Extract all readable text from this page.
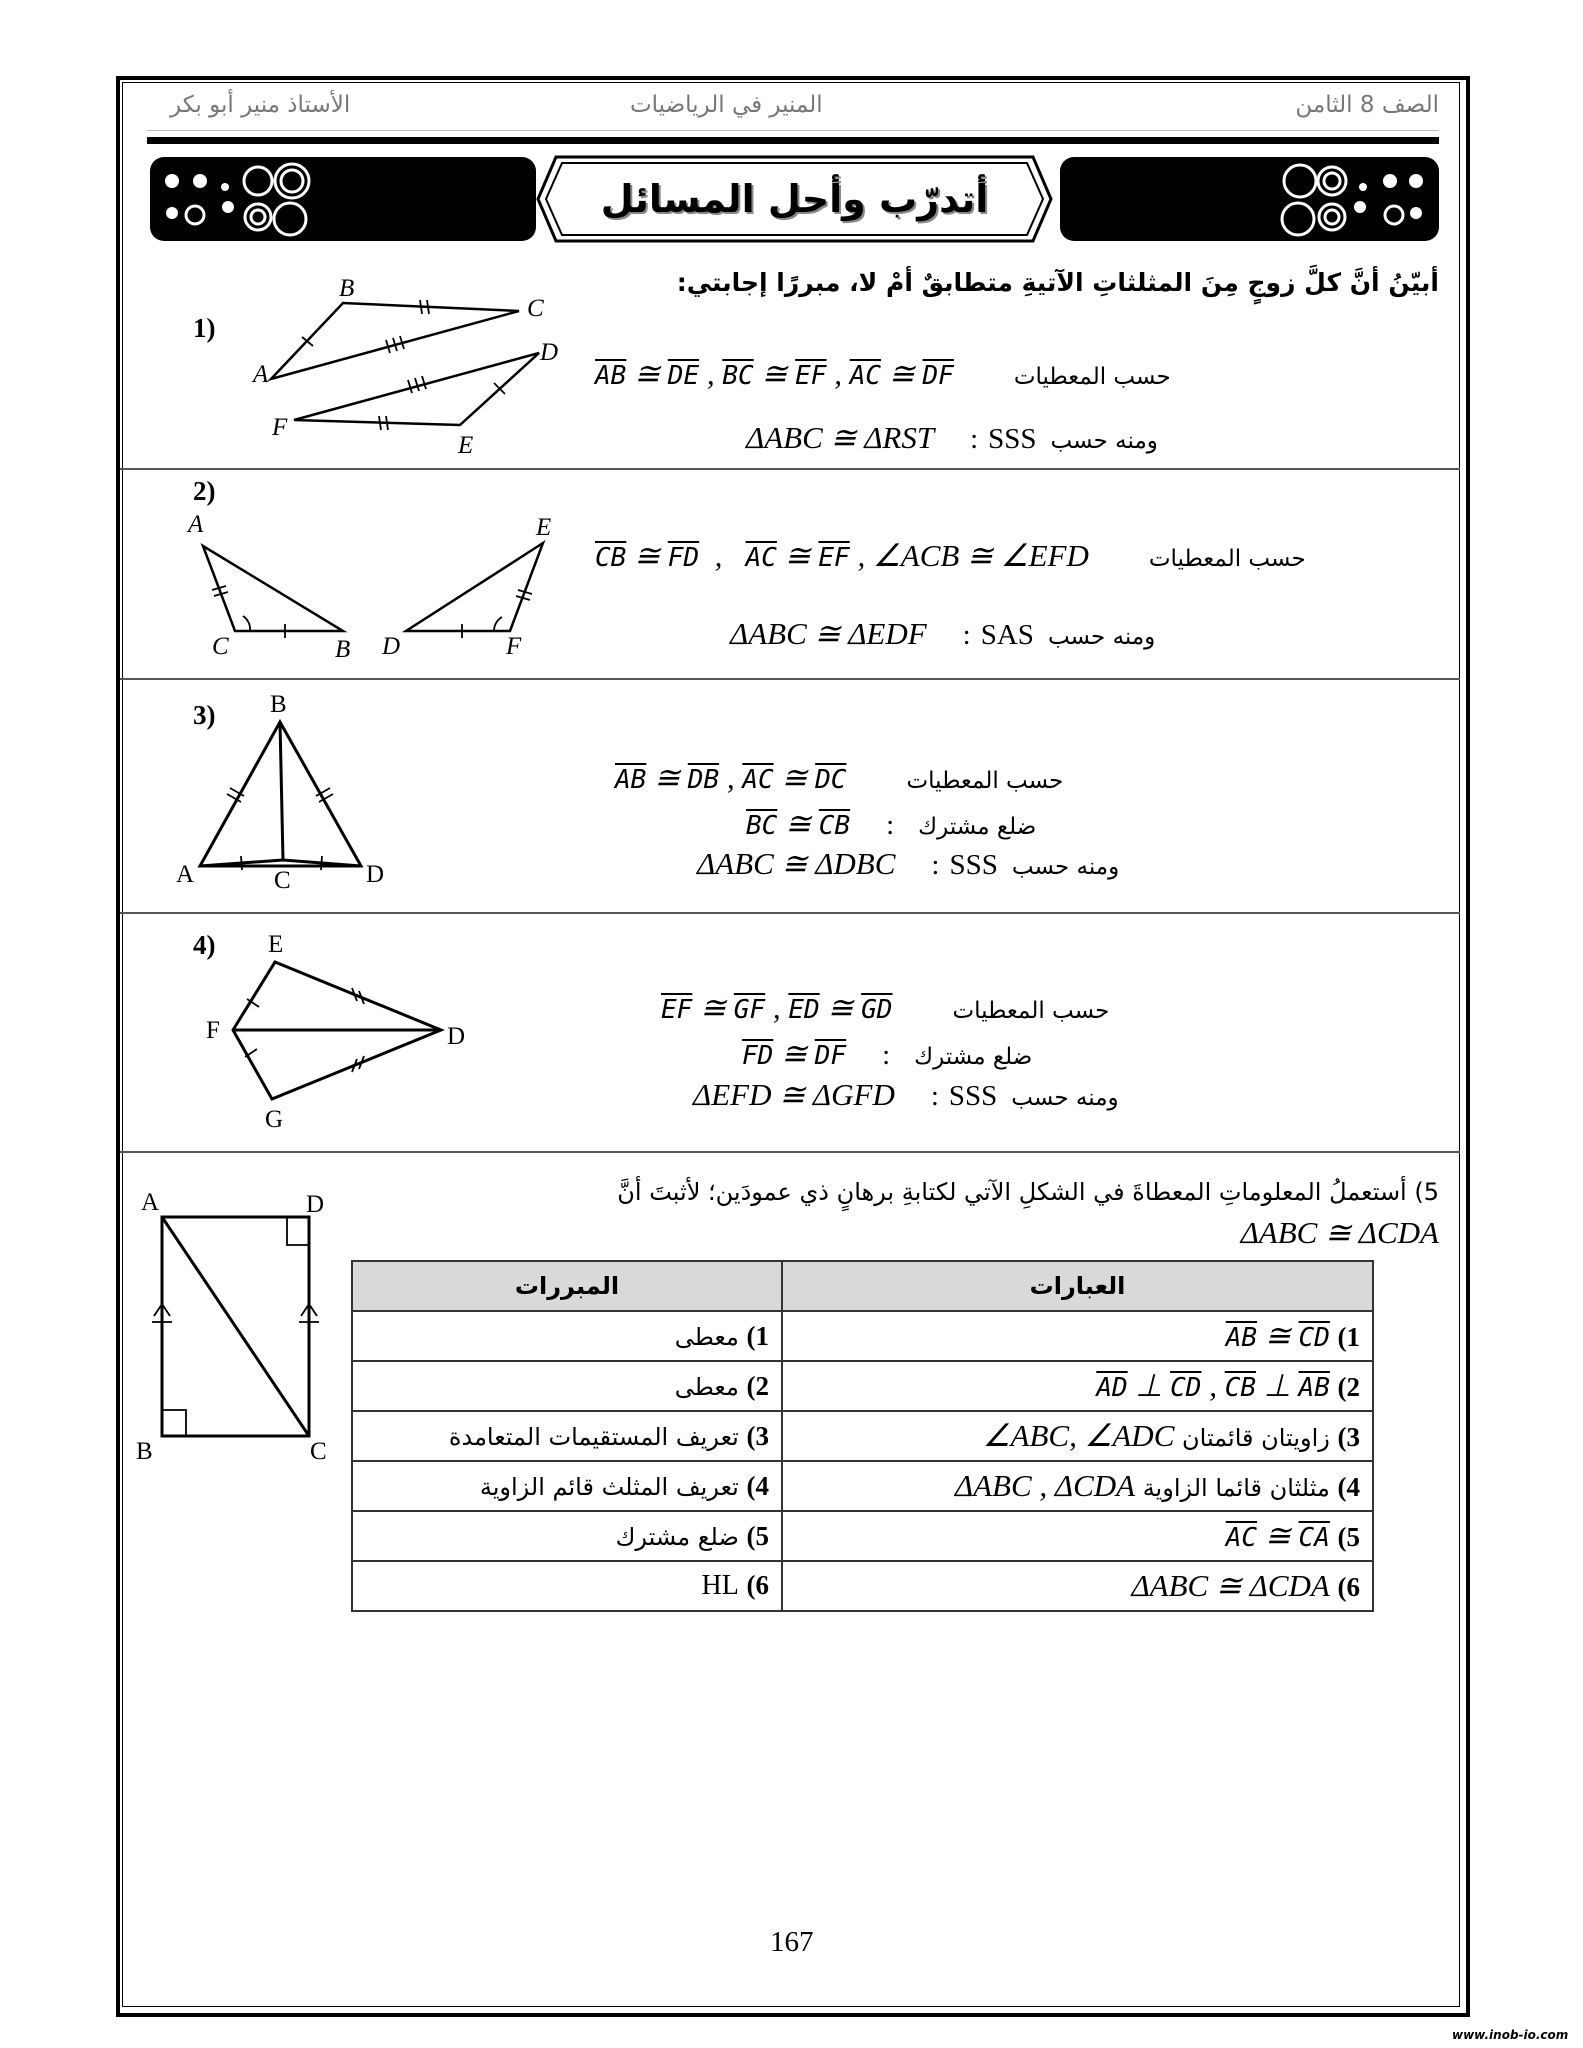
الصف 8 الثامن
المنير في الرياضيات
الأستاذ منير أبو بكر
أتدرّب وأحل المسائل
أبيّنُ أنَّ كلَّ زوجٍ مِنَ المثلثاتِ الآتيةِ متطابقٌ أمْ لا، مبررًا إجابتي:
1)
2)
3)
4)
$\overline{AB}$ ≅ $\overline{DE}$ , $\overline{BC}$ ≅ $\overline{EF}$ , $\overline{AC}$ ≅ $\overline{DF}$	حسب المعطيات
ΔABC ≅ ΔRST : SSS ومنه حسب
$\overline{CB}$ ≅ $\overline{FD}$  ,   $\overline{AC}$ ≅ $\overline{EF}$ , ∠ACB ≅ ∠EFD	حسب المعطيات
ΔABC ≅ ΔEDF : SAS ومنه حسب
$\overline{AB}$ ≅ $\overline{DB}$ , $\overline{AC}$ ≅ $\overline{DC}$	حسب المعطيات
$\overline{BC}$ ≅ $\overline{CB}$ : ضلع مشترك
ΔABC ≅ ΔDBC : SSS ومنه حسب
$\overline{EF}$ ≅ $\overline{GF}$ , $\overline{ED}$ ≅ $\overline{GD}$	حسب المعطيات
$\overline{FD}$ ≅ $\overline{DF}$ : ضلع مشترك
ΔEFD ≅ ΔGFD : SSS ومنه حسب
B
C
A
D
F
E
A
C	B
E
D	F
B
A	C	D
E
F	D
G
A	D
B	C
5) أستعملُ المعلوماتِ المعطاةَ في الشكلِ الآتي لكتابةِ برهانٍ ذي عمودَين؛ لأثبتَ أنَّ
ΔABC ≅ ΔCDA
العبارات	المبررات
1) $\overline{AB}$ ≅ $\overline{CD}$	1) معطى
2) $\overline{AD}$ ⊥ $\overline{CD}$ , $\overline{CB}$ ⊥ $\overline{AB}$	2) معطى
3) زاويتان قائمتان ∠ABC, ∠ADC	3) تعريف المستقيمات المتعامدة
4) مثلثان قائما الزاوية ΔABC , ΔCDA	4) تعريف المثلث قائم الزاوية
5) $\overline{AC}$ ≅ $\overline{CA}$	5) ضلع مشترك
6) ΔABC ≅ ΔCDA	6) HL
167
www.inob-io.com
